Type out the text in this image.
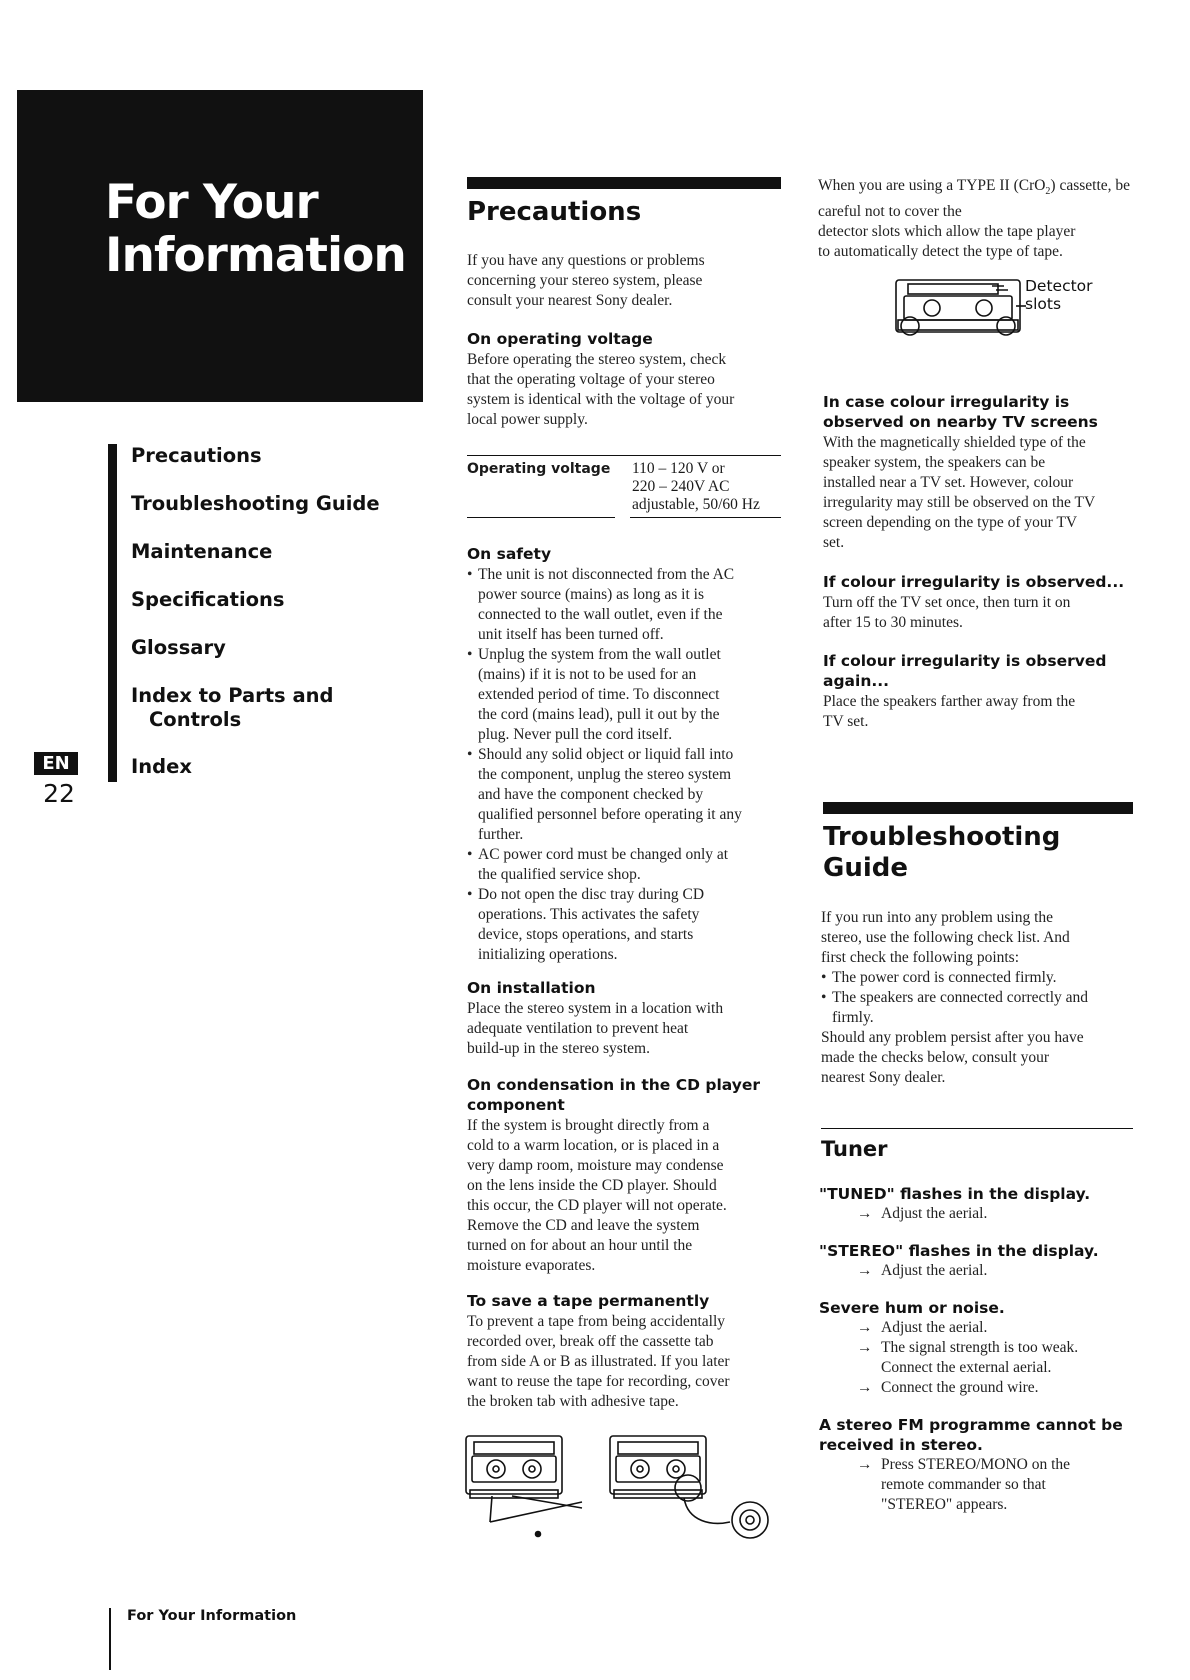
For Your
Information
Precautions
Troubleshooting Guide
Maintenance
Specifications
Glossary
Index to Parts and
Controls
Index
EN
22
For Your Information
Precautions
If you have any questions or problems
concerning your stereo system, please
consult your nearest Sony dealer.
On operating voltage
Before operating the stereo system, check
that the operating voltage of your stereo
system is identical with the voltage of your
local power supply.
Operating voltage 110 – 120 V or
220 – 240V AC
adjustable, 50/60 Hz
On safety
• The unit is not disconnected from the AC
power source (mains) as long as it is
connected to the wall outlet, even if the
unit itself has been turned off.
• Unplug the system from the wall outlet
(mains) if it is not to be used for an
extended period of time. To disconnect
the cord (mains lead), pull it out by the
plug. Never pull the cord itself.
• Should any solid object or liquid fall into
the component, unplug the stereo system
and have the component checked by
qualified personnel before operating it any
further.
• AC power cord must be changed only at
the qualified service shop.
• Do not open the disc tray during CD
operations. This activates the safety
device, stops operations, and starts
initializing operations.
On installation
Place the stereo system in a location with
adequate ventilation to prevent heat
build-up in the stereo system.
On condensation in the CD player
component
If the system is brought directly from a
cold to a warm location, or is placed in a
very damp room, moisture may condense
on the lens inside the CD player. Should
this occur, the CD player will not operate.
Remove the CD and leave the system
turned on for about an hour until the
moisture evaporates.
To save a tape permanently
To prevent a tape from being accidentally
recorded over, break off the cassette tab
from side A or B as illustrated. If you later
want to reuse the tape for recording, cover
the broken tab with adhesive tape.
When you are using a TYPE II (CrO$_2$) cassette, be careful not to cover the
detector slots which allow the tape player
to automatically detect the type of tape.
Detector
slots
In case colour irregularity is
observed on nearby TV screens
With the magnetically shielded type of the
speaker system, the speakers can be
installed near a TV set. However, colour
irregularity may still be observed on the TV
screen depending on the type of your TV
set.
If colour irregularity is observed...
Turn off the TV set once, then turn it on
after 15 to 30 minutes.
If colour irregularity is observed
again...
Place the speakers farther away from the
TV set.
Troubleshooting
Guide
If you run into any problem using the
stereo, use the following check list. And
first check the following points:
• The power cord is connected firmly.
• The speakers are connected correctly and
firmly.
Should any problem persist after you have
made the checks below, consult your
nearest Sony dealer.
Tuner
"TUNED" flashes in the display.
→ Adjust the aerial.
"STEREO" flashes in the display.
→ Adjust the aerial.
Severe hum or noise.
→ Adjust the aerial.
→ The signal strength is too weak.
Connect the external aerial.
→ Connect the ground wire.
A stereo FM programme cannot be
received in stereo.
→ Press STEREO/MONO on the
remote commander so that
"STEREO" appears.
